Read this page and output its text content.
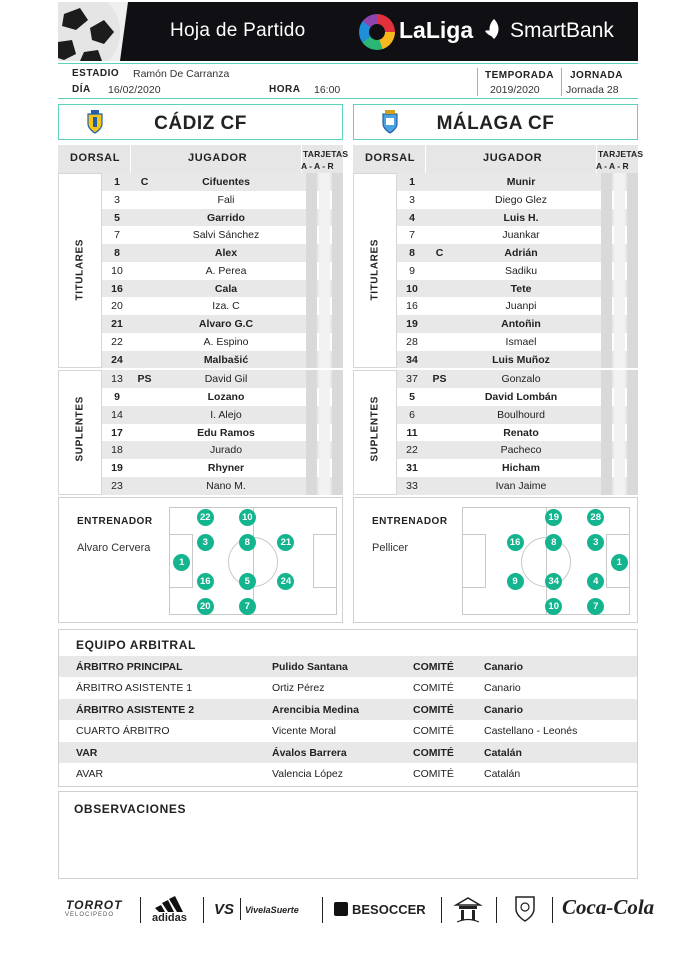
Hoja de Partido	LaLiga SmartBank
ESTADIO Ramón De Carranza
DÍA 16/02/2020	HORA 16:00
TEMPORADA
2019/2020
JORNADA
Jornada 28
CÁDIZ CF	MÁLAGA CF
DORSAL	JUGADOR	TARJETAS
A - A - R
TITULARES
SUPLENTES
1	C	Cifuentes
3	Fali
5	Garrido
7	Salvi Sánchez
8	Alex
10	A. Perea
16	Cala
20	Iza. C
21	Alvaro G.C
22	A. Espino
24	Malbašić
13	PS	David Gil
9	Lozano
14	I. Alejo
17	Edu Ramos
18	Jurado
19	Rhyner
23	Nano M.
DORSAL	JUGADOR	TARJETAS
A - A - R
TITULARES
SUPLENTES
1	Munir
3	Diego Glez
4	Luis H.
7	Juankar
8	C	Adrián
9	Sadiku
10	Tete
16	Juanpi
19	Antoñin
28	Ismael
34	Luis Muñoz
37	PS	Gonzalo
5	David Lombán
6	Boulhourd
11	Renato
22	Pacheco
31	Hicham
33	Ivan Jaime
ENTRENADOR
Alvaro Cervera
1
22
3
16
20
10
8
5
7
21
24
ENTRENADOR
Pellicer
1
28
3
4
7
19
8
34
10
16
9
EQUIPO ARBITRAL
ÁRBITRO PRINCIPAL	Pulido Santana	COMITÉ	Canario
ÁRBITRO ASISTENTE 1	Ortiz Pérez	COMITÉ	Canario
ÁRBITRO ASISTENTE 2	Arencibia Medina	COMITÉ	Canario
CUARTO ÁRBITRO	Vicente Moral	COMITÉ	Castellano - Leonés
VAR	Ávalos Barrera	COMITÉ	Catalán
AVAR	Valencia López	COMITÉ	Catalán
OBSERVACIONES
TORROT
VELOCIPEDO	adidas VS VivelaSuerte	BESOCCER	Coca-Cola
